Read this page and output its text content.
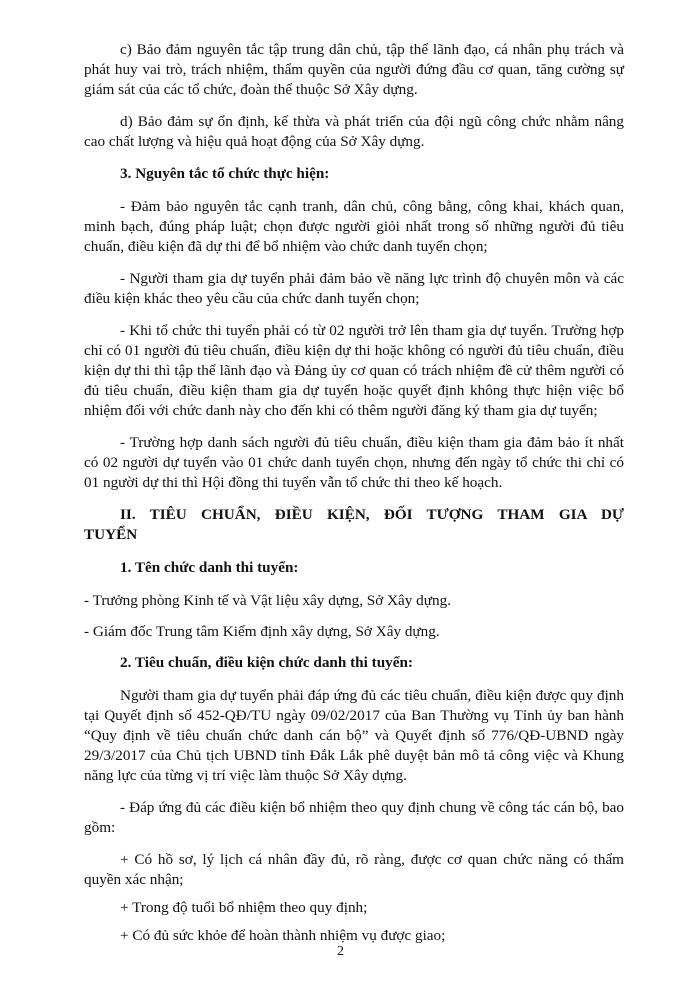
c) Bảo đảm nguyên tắc tập trung dân chủ, tập thể lãnh đạo, cá nhân phụ trách và phát huy vai trò, trách nhiệm, thẩm quyền của người đứng đầu cơ quan, tăng cường sự giám sát của các tổ chức, đoàn thể thuộc Sở Xây dựng.

d) Bảo đảm sự ổn định, kế thừa và phát triển của đội ngũ công chức nhằm nâng cao chất lượng và hiệu quả hoạt động của Sở Xây dựng.

3. Nguyên tắc tổ chức thực hiện:

- Đảm bảo nguyên tắc cạnh tranh, dân chủ, công bằng, công khai, khách quan, minh bạch, đúng pháp luật; chọn được người giỏi nhất trong số những người đủ tiêu chuẩn, điều kiện đã dự thi để bổ nhiệm vào chức danh tuyển chọn;

- Người tham gia dự tuyển phải đảm bảo về năng lực trình độ chuyên môn và các điều kiện khác theo yêu cầu của chức danh tuyển chọn;

- Khi tổ chức thi tuyển phải có từ 02 người trở lên tham gia dự tuyển. Trường hợp chỉ có 01 người đủ tiêu chuẩn, điều kiện dự thi hoặc không có người đủ tiêu chuẩn, điều kiện dự thi thì tập thể lãnh đạo và Đảng ủy cơ quan có trách nhiệm đề cử thêm người có đủ tiêu chuẩn, điều kiện tham gia dự tuyển hoặc quyết định không thực hiện việc bổ nhiệm đối với chức danh này cho đến khi có thêm người đăng ký tham gia dự tuyển;

- Trường hợp danh sách người đủ tiêu chuẩn, điều kiện tham gia đảm bảo ít nhất có 02 người dự tuyển vào 01 chức danh tuyển chọn, nhưng đến ngày tổ chức thi chỉ có 01 người dự thi thì Hội đồng thi tuyển vẫn tổ chức thi theo kế hoạch.

II. TIÊU CHUẨN, ĐIỀU KIỆN, ĐỐI TƯỢNG THAM GIA DỰ TUYỂN

1. Tên chức danh thi tuyển:

- Trưởng phòng Kinh tế và Vật liệu xây dựng, Sở Xây dựng.

- Giám đốc Trung tâm Kiểm định xây dựng, Sở Xây dựng.

2. Tiêu chuẩn, điều kiện chức danh thi tuyển:

Người tham gia dự tuyển phải đáp ứng đủ các tiêu chuẩn, điều kiện được quy định tại Quyết định số 452-QĐ/TU ngày 09/02/2017 của Ban Thường vụ Tỉnh ủy ban hành “Quy định về tiêu chuẩn chức danh cán bộ” và Quyết định số 776/QĐ-UBND ngày 29/3/2017 của Chủ tịch UBND tỉnh Đắk Lắk phê duyệt bản mô tả công việc và Khung năng lực của từng vị trí việc làm thuộc Sở Xây dựng.

- Đáp ứng đủ các điều kiện bổ nhiệm theo quy định chung về công tác cán bộ, bao gồm:

+ Có hồ sơ, lý lịch cá nhân đầy đủ, rõ ràng, được cơ quan chức năng có thẩm quyền xác nhận;

+ Trong độ tuổi bổ nhiệm theo quy định;

+ Có đủ sức khỏe để hoàn thành nhiệm vụ được giao;

2
